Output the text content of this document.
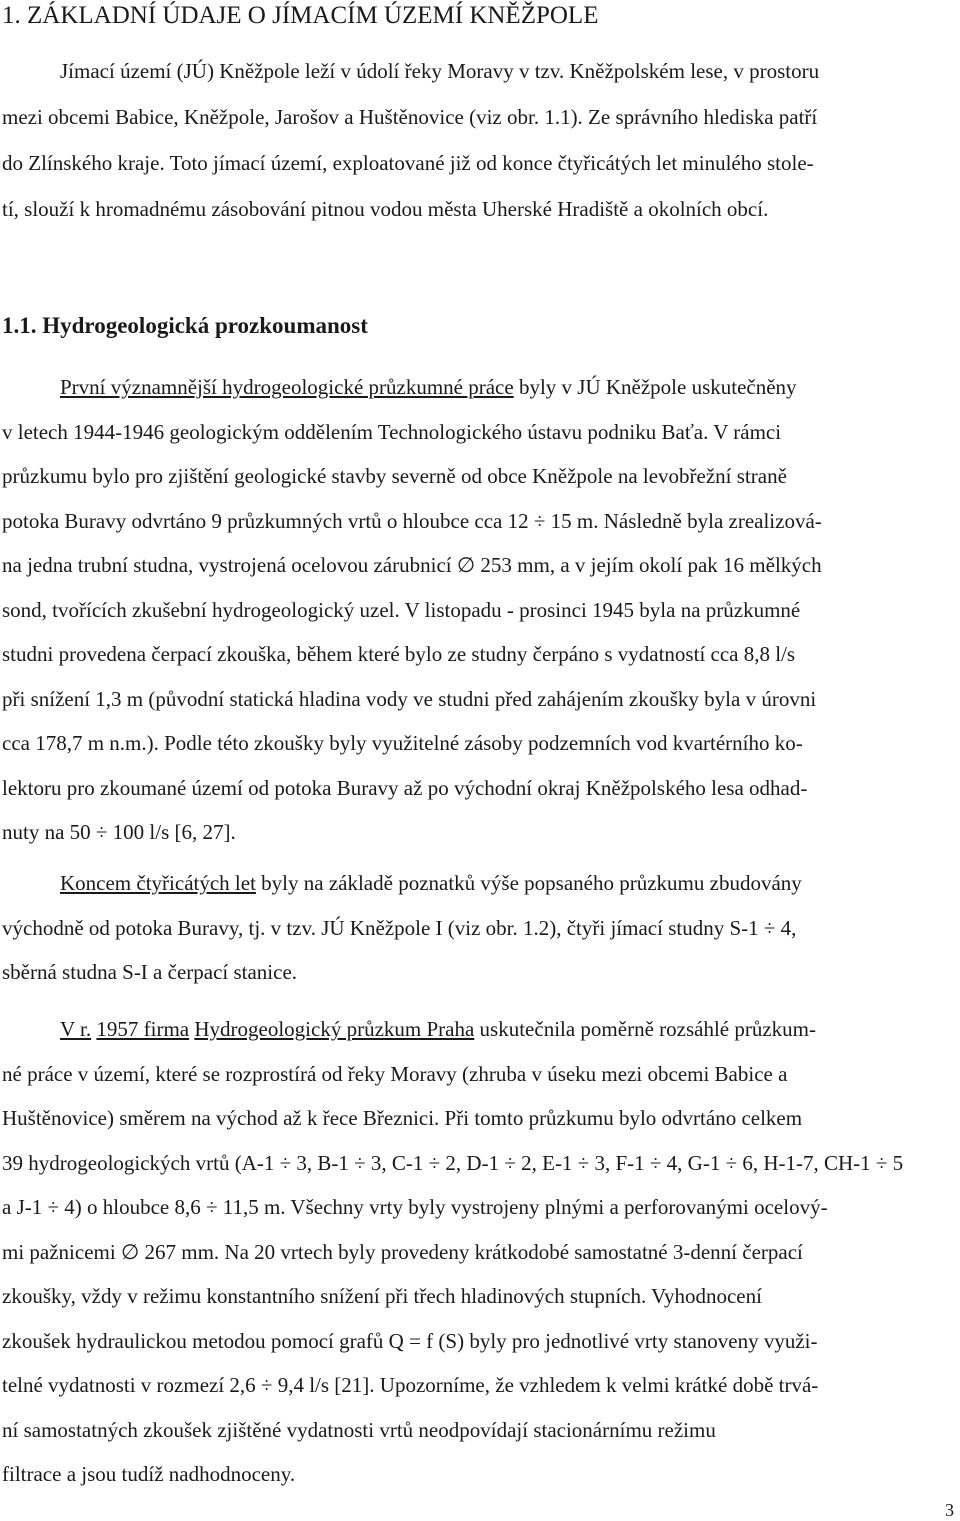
1. ZÁKLADNÍ ÚDAJE O JÍMACÍM ÚZEMÍ KNĚŽPOLE
Jímací území (JÚ) Kněžpole leží v údolí řeky Moravy v tzv. Kněžpolském lese, v prostoru
mezi obcemi Babice, Kněžpole, Jarošov a Huštěnovice (viz obr. 1.1). Ze správního hlediska patří
do Zlínského kraje. Toto jímací území, exploatované již od konce čtyřicátých let minulého stole-
tí, slouží k hromadnému zásobování pitnou vodou města Uherské Hradiště a okolních obcí.
1.1. Hydrogeologická prozkoumanost
První významnější hydrogeologické průzkumné práce byly v JÚ Kněžpole uskutečněny
v letech 1944-1946 geologickým oddělením Technologického ústavu podniku Baťa. V rámci
průzkumu bylo pro zjištění geologické stavby severně od obce Kněžpole na levobřežní straně
potoka Buravy odvrtáno 9 průzkumných vrtů o hloubce cca 12 ÷ 15 m. Následně byla zrealizová-
na jedna trubní studna, vystrojená ocelovou zárubnicí ∅ 253 mm, a v jejím okolí pak 16 mělkých
sond, tvořících zkušební hydrogeologický uzel. V listopadu - prosinci 1945 byla na průzkumné
studni provedena čerpací zkouška, během které bylo ze studny čerpáno s vydatností cca 8,8 l/s
při snížení 1,3 m (původní statická hladina vody ve studni před zahájením zkoušky byla v úrovni
cca 178,7 m n.m.). Podle této zkoušky byly využitelné zásoby podzemních vod kvartérního ko-
lektoru pro zkoumané území od potoka Buravy až po východní okraj Kněžpolského lesa odhad-
nuty na 50 ÷ 100 l/s [6, 27].
Koncem čtyřicátých let byly na základě poznatků výše popsaného průzkumu zbudovány
východně od potoka Buravy, tj. v tzv. JÚ Kněžpole I (viz obr. 1.2), čtyři jímací studny S-1 ÷ 4,
sběrná studna S-I a čerpací stanice.
V r. 1957 firma Hydrogeologický průzkum Praha uskutečnila poměrně rozsáhlé průzkum-
né práce v území, které se rozprostírá od řeky Moravy (zhruba v úseku mezi obcemi Babice a
Huštěnovice) směrem na východ až k řece Březnici. Při tomto průzkumu bylo odvrtáno celkem
39 hydrogeologických vrtů (A-1 ÷ 3, B-1 ÷ 3, C-1 ÷ 2, D-1 ÷ 2, E-1 ÷ 3, F-1 ÷ 4, G-1 ÷ 6, H-1-7, CH-1 ÷ 5
a J-1 ÷ 4) o hloubce 8,6 ÷ 11,5 m. Všechny vrty byly vystrojeny plnými a perforovanými ocelový-
mi pažnicemi ∅ 267 mm. Na 20 vrtech byly provedeny krátkodobé samostatné 3-denní čerpací
zkoušky, vždy v režimu konstantního snížení při třech hladinových stupních. Vyhodnocení
zkoušek hydraulickou metodou pomocí grafů Q = f (S) byly pro jednotlivé vrty stanoveny využi-
telné vydatnosti v rozmezí 2,6 ÷ 9,4 l/s [21]. Upozorníme, že vzhledem k velmi krátké době trvá-
ní samostatných zkoušek zjištěné vydatnosti vrtů neodpovídají stacionárnímu režimu
filtrace a jsou tudíž nadhodnoceny.
3
